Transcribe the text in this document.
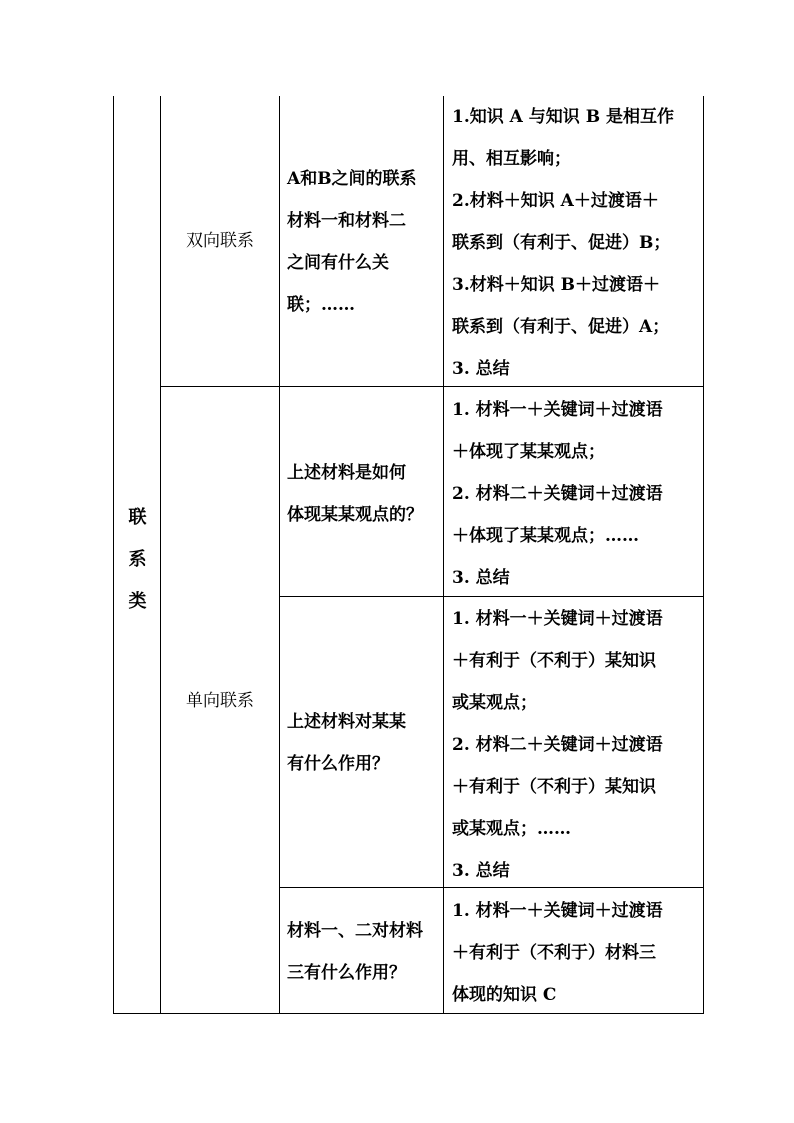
联
系
类
双向联系
单向联系

A和B之间的联系

材料一和材料二

之间有什么关

联；……

上述材料是如何

体现某某观点的？

上述材料对某某

有什么作用？

材料一、二对材料

三有什么作用？

1.知识 A 与知识 B 是相互作

用、相互影响；

2.材料＋知识 A＋过渡语＋

联系到（有利于、促进）B；

3.材料＋知识 B＋过渡语＋

联系到（有利于、促进）A；

3. 总结

1. 材料一＋关键词＋过渡语

＋体现了某某观点；

2. 材料二＋关键词＋过渡语

＋体现了某某观点；……

3. 总结

1. 材料一＋关键词＋过渡语

＋有利于（不利于）某知识

或某观点；

2. 材料二＋关键词＋过渡语

＋有利于（不利于）某知识

或某观点；……

3. 总结

1. 材料一＋关键词＋过渡语

＋有利于（不利于）材料三

体现的知识 C
